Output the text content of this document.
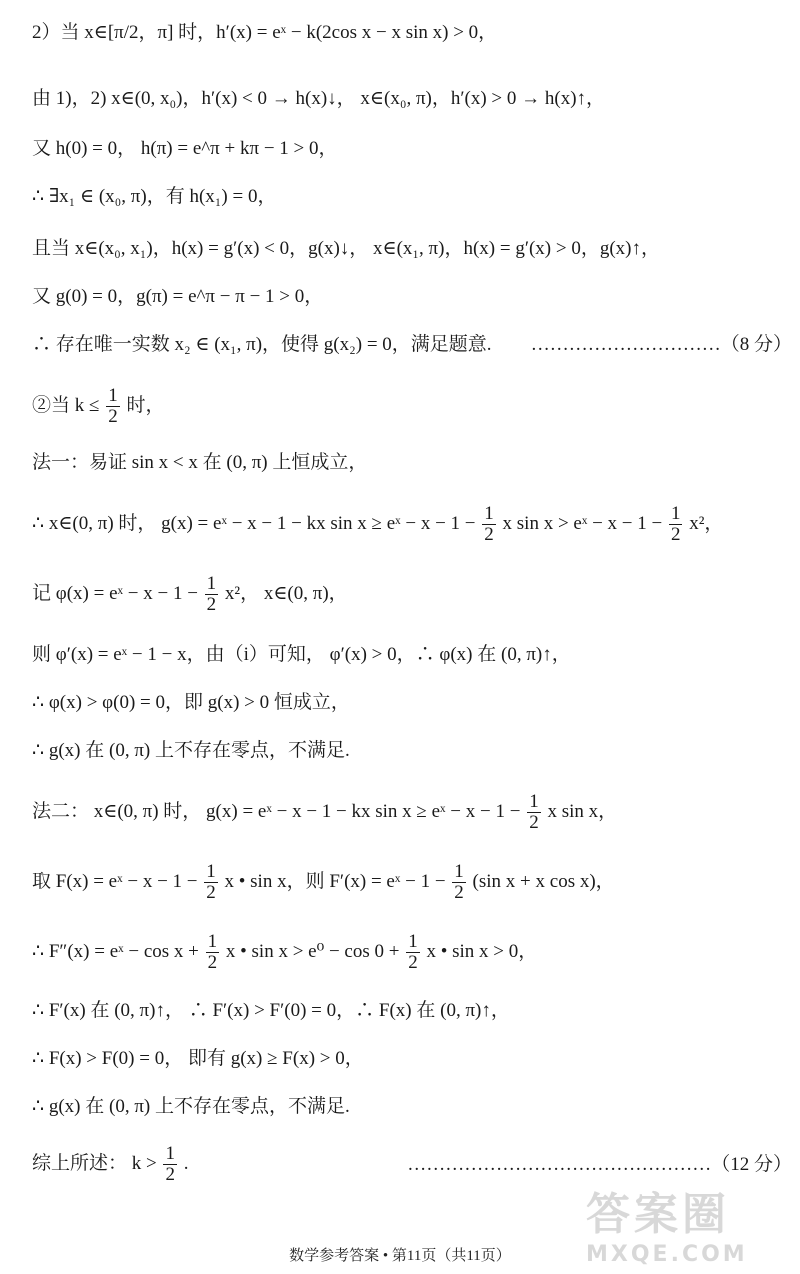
2）当 x∈[π/2，π] 时，h′(x) = eˣ − k(2cos x − x sin x) > 0，
由 1)，2) x∈(0, x₀)，h′(x) < 0 → h(x)↓， x∈(x₀, π)，h′(x) > 0 → h(x)↑，
又 h(0) = 0， h(π) = e^π + kπ − 1 > 0，
∴ ∃x₁ ∈ (x₀, π)，有 h(x₁) = 0，
且当 x∈(x₀, x₁)，h(x) = g′(x) < 0，g(x)↓， x∈(x₁, π)，h(x) = g′(x) > 0，g(x)↑，
又 g(0) = 0，g(π) = e^π − π − 1 > 0，
∴ 存在唯一实数 x₂ ∈ (x₁, π)，使得 g(x₂) = 0，满足题意. …………………………（8 分）
②当 $k \le \frac{1}{2}$ 时，
法一：易证 sin x < x 在 (0, π) 上恒成立，
∴ x∈(0, π) 时， g(x) = eˣ − x − 1 − kx sin x ≥ eˣ − $x - 1 - \frac{1}{2}$ x sin x > eˣ − $x - 1 - \frac{1}{2} x^2$，
记 φ(x) = eˣ − $x - 1 - \frac{1}{2} x^2$， x∈(0, π)，
则 φ′(x) = eˣ − 1 − x，由（i）可知， φ′(x) > 0，∴ φ(x) 在 (0, π)↑，
∴ φ(x) > φ(0) = 0，即 g(x) > 0 恒成立，
∴ g(x) 在 (0, π) 上不存在零点，不满足.
法二： x∈(0, π) 时， g(x) = eˣ − x − 1 − kx sin x ≥ eˣ − $x - 1 - \frac{1}{2}$ x sin x，
取 F(x) = eˣ − $x - 1 - \frac{1}{2}$ x • sin x，则 F′(x) = eˣ − $1 - \frac{1}{2} (\sin$ x + x cos x)，
∴ F″(x) = eˣ − $\cos x + \frac{1}{2}$ x • $\sin x > e^0 - \cos 0 + \frac{1}{2}$ x • sin x > 0，
∴ F′(x) 在 (0, π)↑， ∴ F′(x) > F′(0) = 0，∴ F(x) 在 (0, π)↑，
∴ F(x) > F(0) = 0， 即有 g(x) ≥ F(x) > 0，
∴ g(x) 在 (0, π) 上不存在零点，不满足.
综上所述： $k > \frac{1}{2}$ .	…………………………………………（12 分）
答案圈
MXQE.COM
数学参考答案 • 第11页（共11页）
